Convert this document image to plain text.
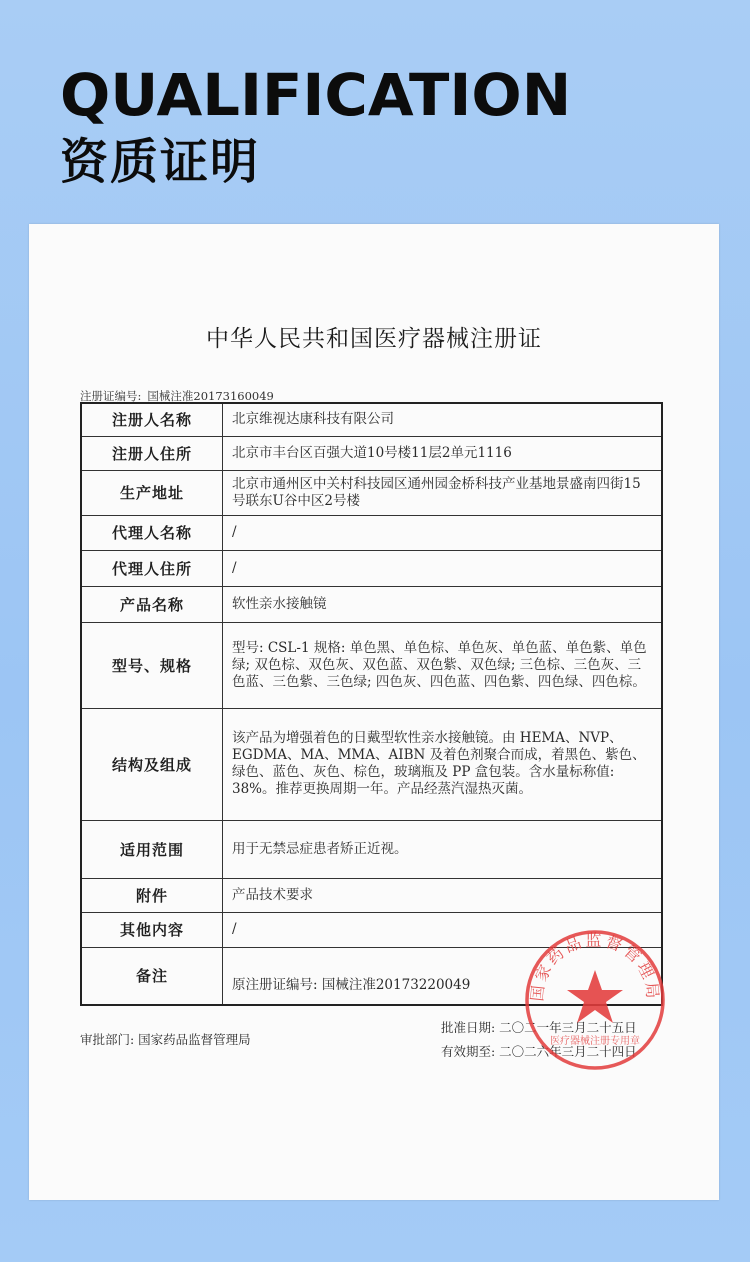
QUALIFICATION
资质证明
中华人民共和国医疗器械注册证
注册证编号: 国械注准20173160049
注册人名称	北京维视达康科技有限公司
注册人住所	北京市丰台区百强大道10号楼11层2单元1116
生产地址	北京市通州区中关村科技园区通州园金桥科技产业基地景盛南四街15号联东U谷中区2号楼
代理人名称	/
代理人住所	/
产品名称	软性亲水接触镜
型号、规格	型号: CSL-1 规格: 单色黑、单色棕、单色灰、单色蓝、单色紫、单色绿; 双色棕、双色灰、双色蓝、双色紫、双色绿; 三色棕、三色灰、三色蓝、三色紫、三色绿; 四色灰、四色蓝、四色紫、四色绿、四色棕。
结构及组成	该产品为增强着色的日戴型软性亲水接触镜。由 HEMA、NVP、EGDMA、MA、MMA、AIBN 及着色剂聚合而成，着黑色、紫色、绿色、蓝色、灰色、棕色，玻璃瓶及 PP 盒包装。含水量标称值: 38%。推荐更换周期一年。产品经蒸汽湿热灭菌。
适用范围	用于无禁忌症患者矫正近视。
附件	产品技术要求
其他内容	/
备注	原注册证编号: 国械注准20173220049
审批部门: 国家药品监督管理局
批准日期: 二〇二一年三月二十五日
有效期至: 二〇二六年三月二十四日
国家药品监督管理局
医疗器械注册专用章
